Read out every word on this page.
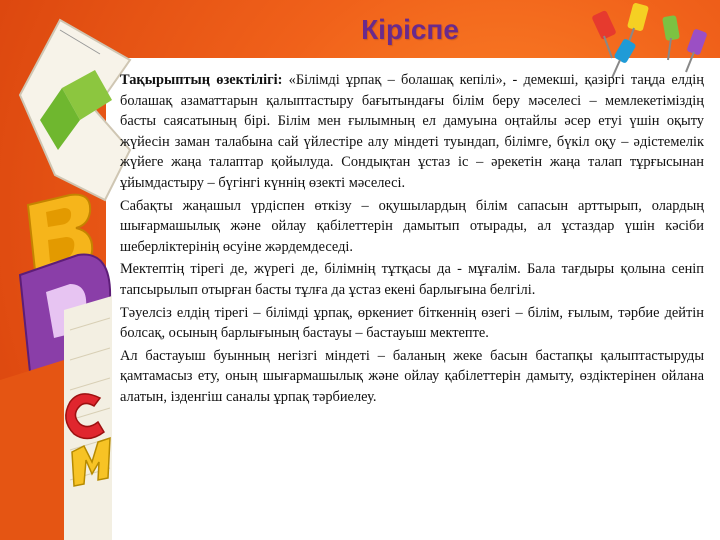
Кіріспе

Тақырыптың өзектілігі: «Білімді ұрпақ – болашақ кепілі», - демекші, қазіргі таңда елдің болашақ азаматтарын қалыптастыру бағытындағы білім беру мәселесі – мемлекетіміздің басты саясатының бірі. Білім мен ғылымның ел дамуына оңтайлы әсер етуі үшін оқыту жүйесін заман талабына сай үйлестіре алу міндеті туындап, білімге, бүкіл оқу – әдістемелік жүйеге жаңа талаптар қойылуда. Сондықтан ұстаз іс – әрекетін жаңа талап тұрғысынан ұйымдастыру – бүгінгі күннің өзекті мәселесі.

Сабақты жаңашыл үрдіспен өткізу – оқушылардың білім сапасын арттырып, олардың шығармашылық және ойлау қабілеттерін дамытып отырады, ал ұстаздар үшін кәсіби шеберліктерінің өсуіне жәрдемдеседі.

Мектептің тірегі де, жүрегі де, білімнің тұтқасы да - мұғалім. Бала тағдыры қолына сеніп тапсырылып отырған басты тұлға да ұстаз екені барлығына белгілі.

Тәуелсіз елдің тірегі – білімді ұрпақ, өркениет біткеннің өзегі – білім, ғылым, тәрбие дейтін болсақ, осының барлығының бастауы – бастауыш мектепте.

Ал бастауыш буынның негізгі міндеті – баланың жеке басын бастапқы қалыптастыруды қамтамасыз ету, оның шығармашылық және ойлау қабілеттерін дамыту, өздіктерінен ойлана алатын, ізденгіш саналы ұрпақ тәрбиелеу.
